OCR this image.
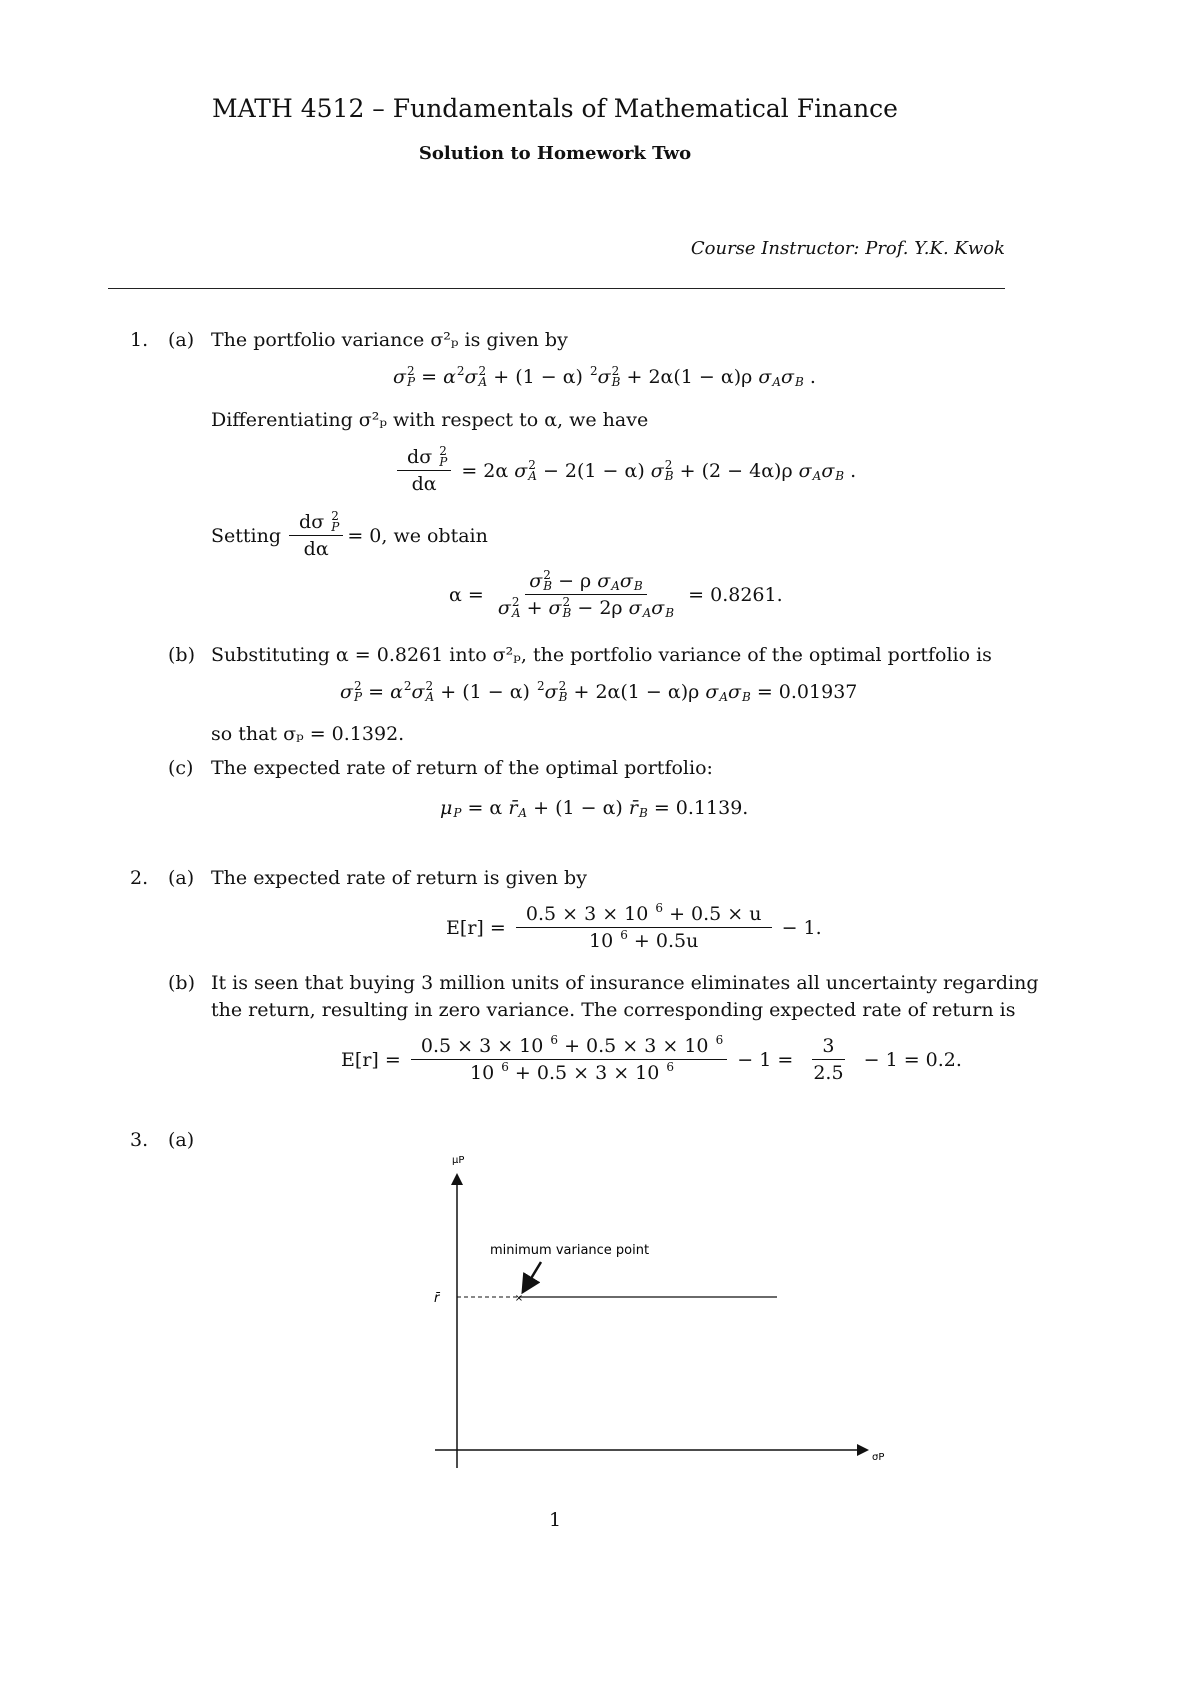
MATH 4512 – Fundamentals of Mathematical Finance
Solution to Homework Two
Course Instructor: Prof. Y.K. Kwok
1. (a) The portfolio variance σ²ₚ is given by
σ 2
P = α 2
σ 2
A + (1 − α) 2
σ 2
B + 2α(1 − α)ρ σ
A σ
B .
Differentiating σ²ₚ with respect to α, we have
dσ 2
P
dα = 2α σ 2
A − 2(1 − α) σ 2
B + (2 − 4α)ρ σ
A σ
B .
Setting dσ 2
P
dα = 0, we obtain
α = σ 2
B − ρ σ
A σ
B
σ 2
A + σ 2
B − 2ρ σ
A σ
B = 0.8261.
(b) Substituting α = 0.8261 into σ²ₚ, the portfolio variance of the optimal portfolio is
σ 2
P = α 2
σ 2
A + (1 − α) 2
σ 2
B + 2α(1 − α)ρ σ
A σ
B = 0.01937
so that σₚ = 0.1392.
(c) The expected rate of return of the optimal portfolio:
μ
P = α r̄
A + (1 − α) r̄
B = 0.1139.
2. (a) The expected rate of return is given by
E[r] = 0.5 × 3 × 10 6
+ 0.5 × u
10 6
+ 0.5u − 1.
(b) It is seen that buying 3 million units of insurance eliminates all uncertainty regarding
the return, resulting in zero variance. The corresponding expected rate of return is
E[r] = 0.5 × 3 × 10 6
+ 0.5 × 3 × 10 6

10 6
+ 0.5 × 3 × 10 6
− $1 = \frac{3}{2.5} - 1 = 0.2$.
3. (a)
×
μP
σP
r̄
minimum variance point
1
